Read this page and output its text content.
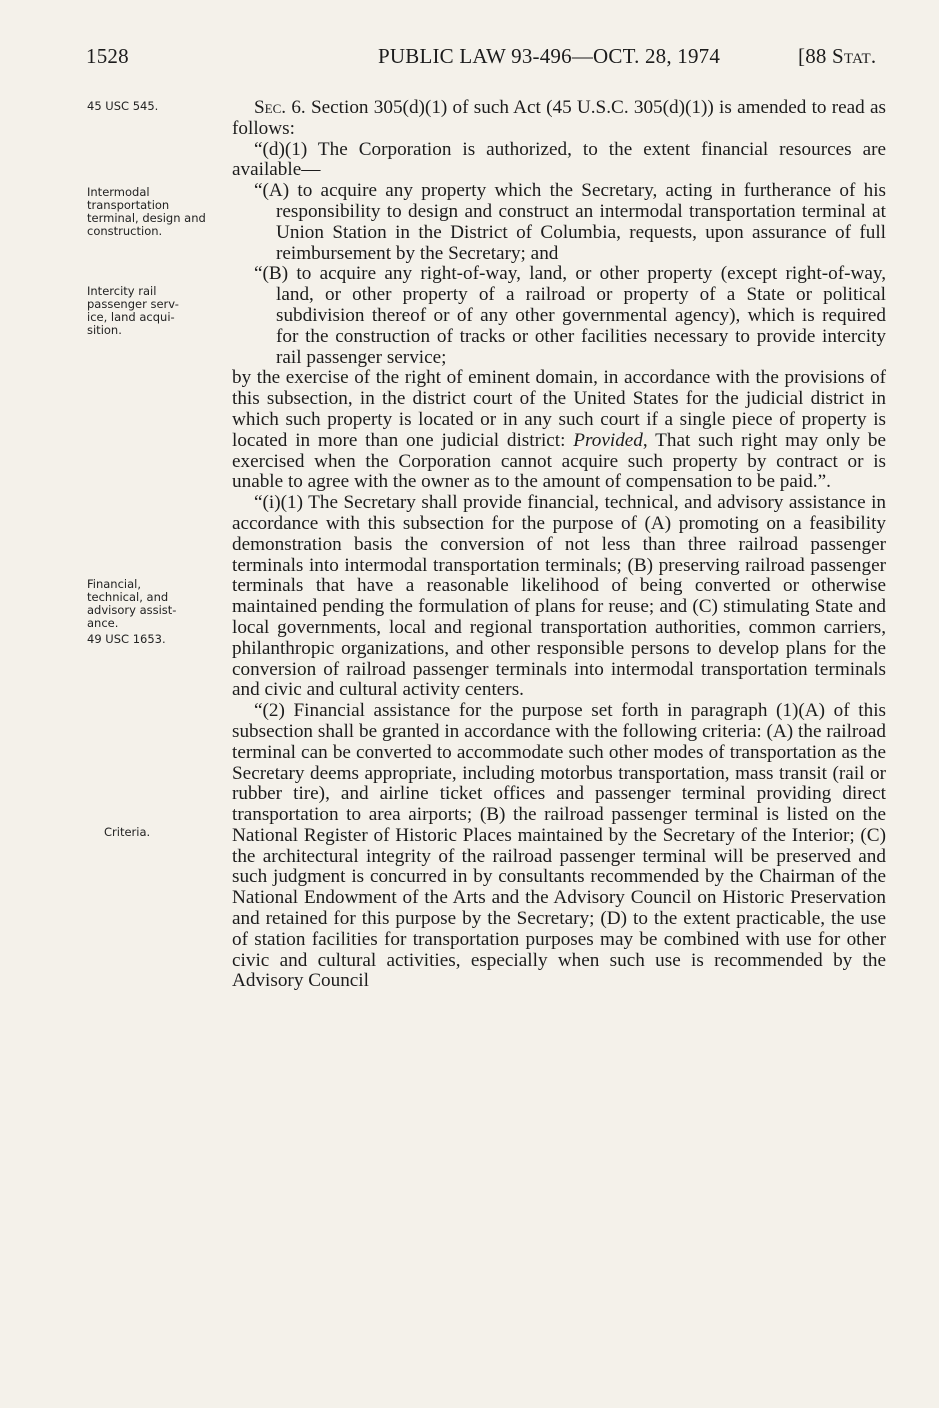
1528	PUBLIC LAW 93-496—OCT. 28, 1974	[88 Stat.
45 USC 545.
Intermodal transportation terminal, design and construction.
Intercity rail passenger serv- ice, land acqui- sition.
Financial, technical, and advisory assist- ance.
49 USC 1653.
Criteria.

Sec. 6. Section 305(d)(1) of such Act (45 U.S.C. 305(d)(1)) is amended to read as follows:

“(d)(1) The Corporation is authorized, to the extent financial resources are available—

“(A) to acquire any property which the Secretary, acting in furtherance of his responsibility to design and construct an intermodal transportation terminal at Union Station in the District of Columbia, requests, upon assurance of full reimbursement by the Secretary; and

“(B) to acquire any right-of-way, land, or other property (except right-of-way, land, or other property of a railroad or property of a State or political subdivision thereof or of any other governmental agency), which is required for the construction of tracks or other facilities necessary to provide intercity rail passenger service;

by the exercise of the right of eminent domain, in accordance with the provisions of this subsection, in the district court of the United States for the judicial district in which such property is located or in any such court if a single piece of property is located in more than one judicial district: Provided, That such right may only be exercised when the Corporation cannot acquire such property by contract or is unable to agree with the owner as to the amount of compensation to be paid.”.

“(i)(1) The Secretary shall provide financial, technical, and advisory assistance in accordance with this subsection for the purpose of (A) promoting on a feasibility demonstration basis the conversion of not less than three railroad passenger terminals into intermodal transportation terminals; (B) preserving railroad passenger terminals that have a reasonable likelihood of being converted or otherwise maintained pending the formulation of plans for reuse; and (C) stimulating State and local governments, local and regional transportation authorities, common carriers, philanthropic organizations, and other responsible persons to develop plans for the conversion of railroad passenger terminals into intermodal transportation terminals and civic and cultural activity centers.

“(2) Financial assistance for the purpose set forth in paragraph (1)(A) of this subsection shall be granted in accordance with the following criteria: (A) the railroad terminal can be converted to accommodate such other modes of transportation as the Secretary deems appropriate, including motorbus transportation, mass transit (rail or rubber tire), and airline ticket offices and passenger terminal providing direct transportation to area airports; (B) the railroad passenger terminal is listed on the National Register of Historic Places maintained by the Secretary of the Interior; (C) the architectural integrity of the railroad passenger terminal will be preserved and such judgment is concurred in by consultants recommended by the Chairman of the National Endowment of the Arts and the Advisory Council on Historic Preservation and retained for this purpose by the Secretary; (D) to the extent practicable, the use of station facilities for transportation purposes may be combined with use for other civic and cultural activities, especially when such use is recommended by the Advisory Council
